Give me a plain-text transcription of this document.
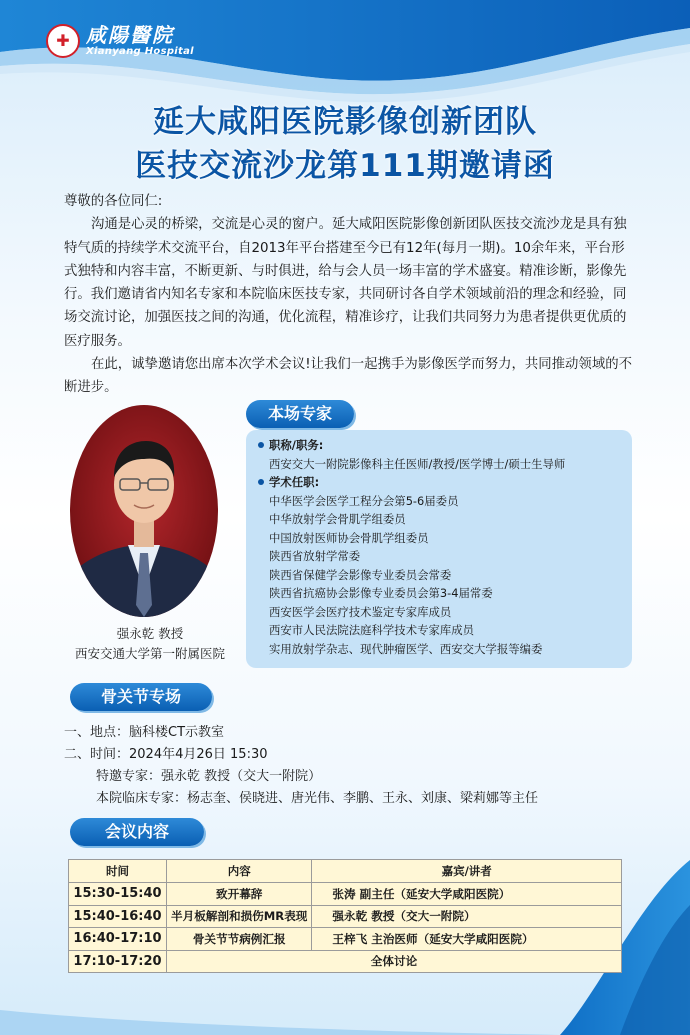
✚ 咸陽醫院
Xianyang Hospital
延大咸阳医院影像创新团队
医技交流沙龙第111期邀请函

尊敬的各位同仁:

沟通是心灵的桥梁，交流是心灵的窗户。延大咸阳医院影像创新团队医技交流沙龙是具有独特气质的持续学术交流平台，自2013年平台搭建至今已有12年(每月一期)。10余年来，平台形式独特和内容丰富，不断更新、与时俱进，给与会人员一场丰富的学术盛宴。精准诊断，影像先行。我们邀请省内知名专家和本院临床医技专家，共同研讨各自学术领域前沿的理念和经验，同场交流讨论，加强医技之间的沟通，优化流程，精准诊疗，让我们共同努力为患者提供更优质的医疗服务。

在此，诚挚邀请您出席本次学术会议!让我们一起携手为影像医学而努力，共同推动领域的不断进步。

强永乾 教授
西安交通大学第一附属医院
本场专家
职称/职务:
西安交大一附院影像科主任医师/教授/医学博士/硕士生导师
学术任职:
中华医学会医学工程分会第5-6届委员
中华放射学会骨肌学组委员
中国放射医师协会骨肌学组委员
陕西省放射学常委
陕西省保健学会影像专业委员会常委
陕西省抗癌协会影像专业委员会第3-4届常委
西安医学会医疗技术鉴定专家库成员
西安市人民法院法庭科学技术专家库成员
实用放射学杂志、现代肿瘤医学、西安交大学报等编委
骨关节专场
一、地点：脑科楼CT示教室
二、时间：2024年4月26日 15:30
特邀专家：强永乾 教授（交大一附院）
本院临床专家：杨志奎、侯晓进、唐光伟、李鹏、王永、刘康、梁莉娜等主任
会议内容
时间	内容	嘉宾/讲者
15:30-15:40	致开幕辞	张涛 副主任（延安大学咸阳医院）
15:40-16:40	半月板解剖和损伤MR表现	强永乾 教授（交大一附院）
16:40-17:10	骨关节节病例汇报	王梓飞 主治医师（延安大学咸阳医院）
17:10-17:20	全体讨论	
